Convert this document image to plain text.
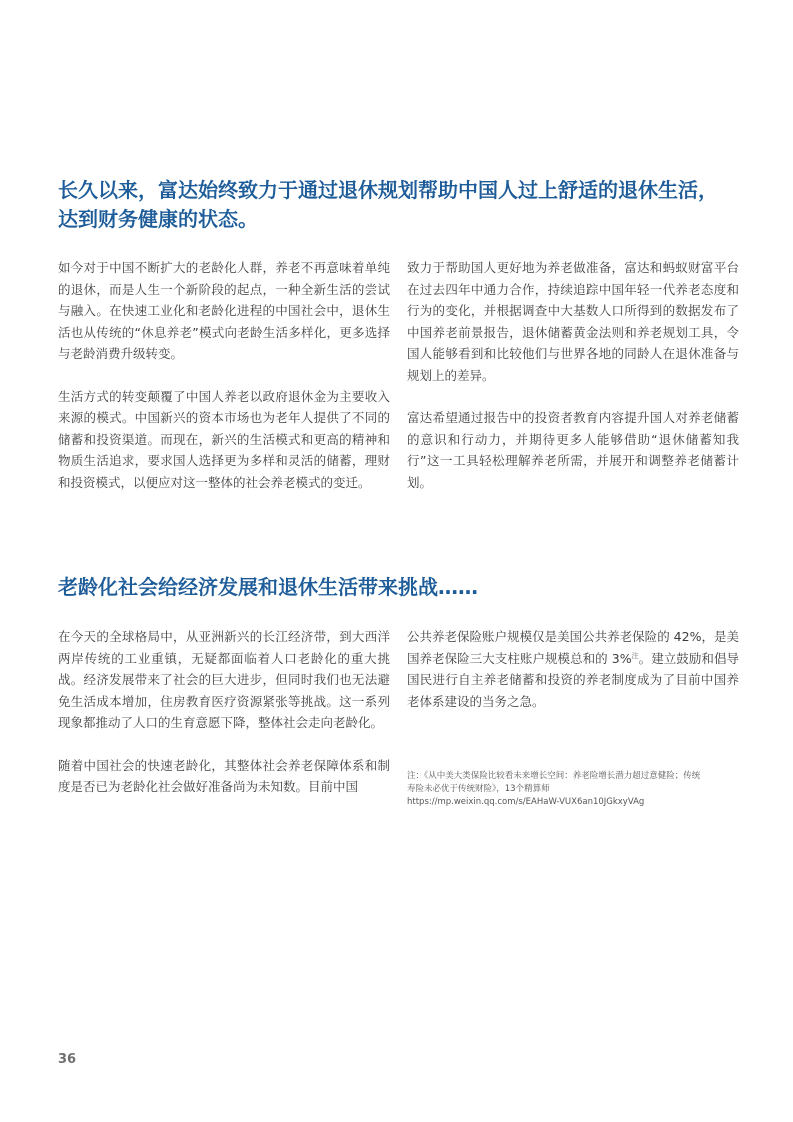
长久以来，富达始终致力于通过退休规划帮助中国人过上舒适的退休生活，
达到财务健康的状态。

如今对于中国不断扩大的老龄化人群，养老不再意味着单纯的退休，而是人生一个新阶段的起点，一种全新生活的尝试与融入。在快速工业化和老龄化进程的中国社会中，退休生活也从传统的“休息养老”模式向老龄生活多样化，更多选择与老龄消费升级转变。

生活方式的转变颠覆了中国人养老以政府退休金为主要收入来源的模式。中国新兴的资本市场也为老年人提供了不同的储蓄和投资渠道。而现在，新兴的生活模式和更高的精神和物质生活追求，要求国人选择更为多样和灵活的储蓄，理财和投资模式，以便应对这一整体的社会养老模式的变迁。

致力于帮助国人更好地为养老做准备，富达和蚂蚁财富平台在过去四年中通力合作，持续追踪中国年轻一代养老态度和行为的变化，并根据调查中大基数人口所得到的数据发布了中国养老前景报告，退休储蓄黄金法则和养老规划工具，令国人能够看到和比较他们与世界各地的同龄人在退休准备与规划上的差异。

富达希望通过报告中的投资者教育内容提升国人对养老储蓄的意识和行动力，并期待更多人能够借助“退休储蓄知我行”这一工具轻松理解养老所需，并展开和调整养老储蓄计划。

老龄化社会给经济发展和退休生活带来挑战……

在今天的全球格局中，从亚洲新兴的长江经济带，到大西洋两岸传统的工业重镇，无疑都面临着人口老龄化的重大挑战。经济发展带来了社会的巨大进步，但同时我们也无法避免生活成本增加，住房教育医疗资源紧张等挑战。这一系列现象都推动了人口的生育意愿下降，整体社会走向老龄化。

随着中国社会的快速老龄化，其整体社会养老保障体系和制度是否已为老龄化社会做好准备尚为未知数。目前中国

公共养老保险账户规模仅是美国公共养老保险的 42%，是美国养老保险三大支柱账户规模总和的 3%$^注$。建立鼓励和倡导国民进行自主养老储蓄和投资的养老制度成为了目前中国养老体系建设的当务之急。

注：《从中美大类保险比较看未来增长空间：养老险增长潜力超过意健险；传统
寿险未必优于传统财险》，13个精算师
https://mp.weixin.qq.com/s/EAHaW-VUX6an10JGkxyVAg
36
